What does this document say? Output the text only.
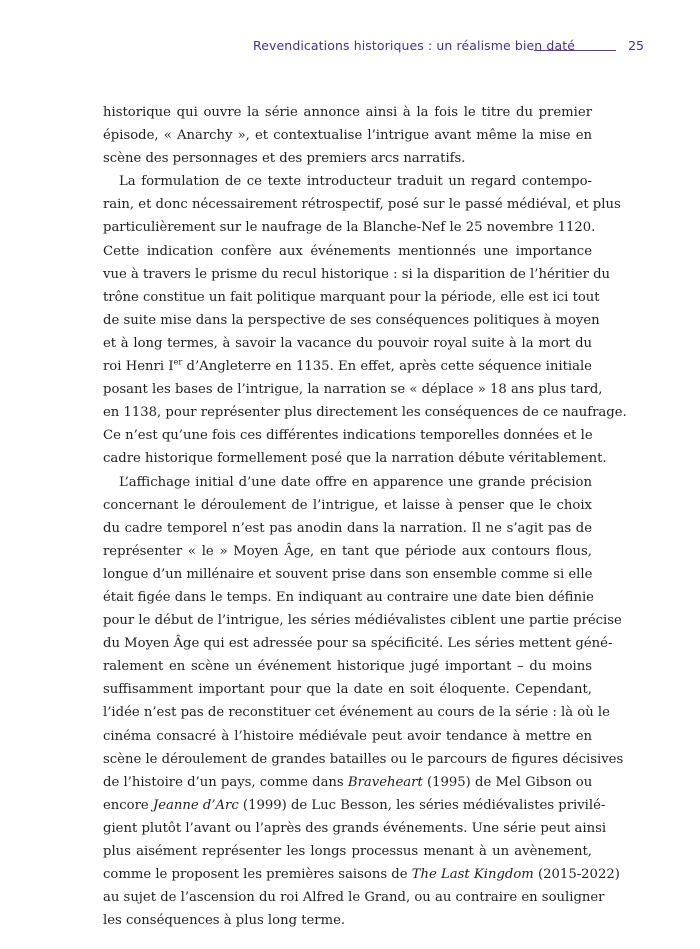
Revendications historiques : un réalisme bien daté	25
historique qui ouvre la série annonce ainsi à la fois le titre du premier
épisode, « Anarchy », et contextualise l’intrigue avant même la mise en
scène des personnages et des premiers arcs narratifs.
La formulation de ce texte introducteur traduit un regard contempo-
rain, et donc nécessairement rétrospectif, posé sur le passé médiéval, et plus
particulièrement sur le naufrage de la Blanche-Nef le 25 novembre 1120.
Cette indication confère aux événements mentionnés une importance
vue à travers le prisme du recul historique : si la disparition de l’héritier du
trône constitue un fait politique marquant pour la période, elle est ici tout
de suite mise dans la perspective de ses conséquences politiques à moyen
et à long termes, à savoir la vacance du pouvoir royal suite à la mort du
roi Henri Ier d’Angleterre en 1135. En effet, après cette séquence initiale
posant les bases de l’intrigue, la narration se « déplace » 18 ans plus tard,
en 1138, pour représenter plus directement les conséquences de ce naufrage.
Ce n’est qu’une fois ces différentes indications temporelles données et le
cadre historique formellement posé que la narration débute véritablement.
L’affichage initial d’une date offre en apparence une grande précision
concernant le déroulement de l’intrigue, et laisse à penser que le choix
du cadre temporel n’est pas anodin dans la narration. Il ne s’agit pas de
représenter « le » Moyen Âge, en tant que période aux contours flous,
longue d’un millénaire et souvent prise dans son ensemble comme si elle
était figée dans le temps. En indiquant au contraire une date bien définie
pour le début de l’intrigue, les séries médiévalistes ciblent une partie précise
du Moyen Âge qui est adressée pour sa spécificité. Les séries mettent géné-
ralement en scène un événement historique jugé important – du moins
suffisamment important pour que la date en soit éloquente. Cependant,
l’idée n’est pas de reconstituer cet événement au cours de la série : là où le
cinéma consacré à l’histoire médiévale peut avoir tendance à mettre en
scène le déroulement de grandes batailles ou le parcours de figures décisives
de l’histoire d’un pays, comme dans Braveheart (1995) de Mel Gibson ou
encore Jeanne d’Arc (1999) de Luc Besson, les séries médiévalistes privilé-
gient plutôt l’avant ou l’après des grands événements. Une série peut ainsi
plus aisément représenter les longs processus menant à un avènement,
comme le proposent les premières saisons de The Last Kingdom (2015-2022)
au sujet de l’ascension du roi Alfred le Grand, ou au contraire en souligner
les conséquences à plus long terme.
